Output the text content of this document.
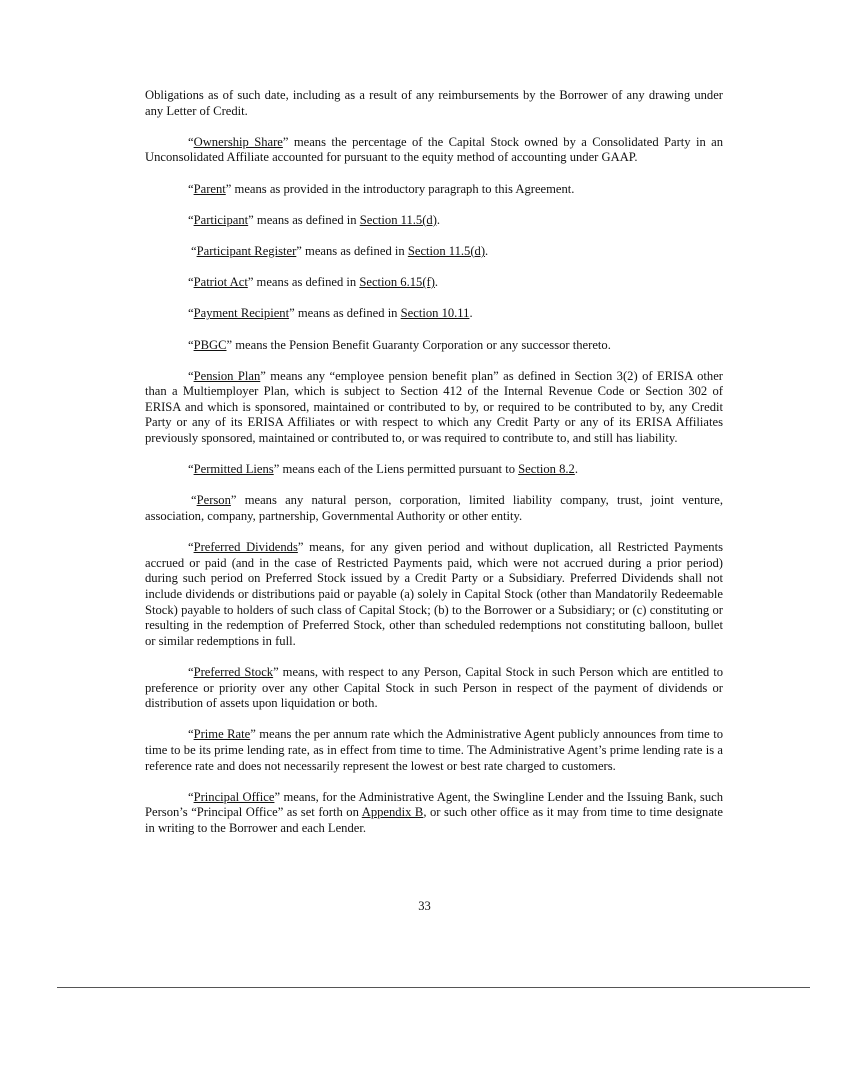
Obligations as of such date, including as a result of any reimbursements by the Borrower of any drawing under any Letter of Credit.

“Ownership Share” means the percentage of the Capital Stock owned by a Consolidated Party in an Unconsolidated Affiliate accounted for pursuant to the equity method of accounting under GAAP.

“Parent” means as provided in the introductory paragraph to this Agreement.

“Participant” means as defined in Section 11.5(d).

“Participant Register” means as defined in Section 11.5(d).

“Patriot Act” means as defined in Section 6.15(f).

“Payment Recipient” means as defined in Section 10.11.

“PBGC” means the Pension Benefit Guaranty Corporation or any successor thereto.

“Pension Plan” means any “employee pension benefit plan” as defined in Section 3(2) of ERISA other than a Multiemployer Plan, which is subject to Section 412 of the Internal Revenue Code or Section 302 of ERISA and which is sponsored, maintained or contributed to by, or required to be contributed to by, any Credit Party or any of its ERISA Affiliates or with respect to which any Credit Party or any of its ERISA Affiliates previously sponsored, maintained or contributed to, or was required to contribute to, and still has liability.

“Permitted Liens” means each of the Liens permitted pursuant to Section 8.2.

“Person” means any natural person, corporation, limited liability company, trust, joint venture, association, company, partnership, Governmental Authority or other entity.

“Preferred Dividends” means, for any given period and without duplication, all Restricted Payments accrued or paid (and in the case of Restricted Payments paid, which were not accrued during a prior period) during such period on Preferred Stock issued by a Credit Party or a Subsidiary. Preferred Dividends shall not include dividends or distributions paid or payable (a) solely in Capital Stock (other than Mandatorily Redeemable Stock) payable to holders of such class of Capital Stock; (b) to the Borrower or a Subsidiary; or (c) constituting or resulting in the redemption of Preferred Stock, other than scheduled redemptions not constituting balloon, bullet or similar redemptions in full.

“Preferred Stock” means, with respect to any Person, Capital Stock in such Person which are entitled to preference or priority over any other Capital Stock in such Person in respect of the payment of dividends or distribution of assets upon liquidation or both.

“Prime Rate” means the per annum rate which the Administrative Agent publicly announces from time to time to be its prime lending rate, as in effect from time to time. The Administrative Agent’s prime lending rate is a reference rate and does not necessarily represent the lowest or best rate charged to customers.

“Principal Office” means, for the Administrative Agent, the Swingline Lender and the Issuing Bank, such Person’s “Principal Office” as set forth on Appendix B, or such other office as it may from time to time designate in writing to the Borrower and each Lender.

33
